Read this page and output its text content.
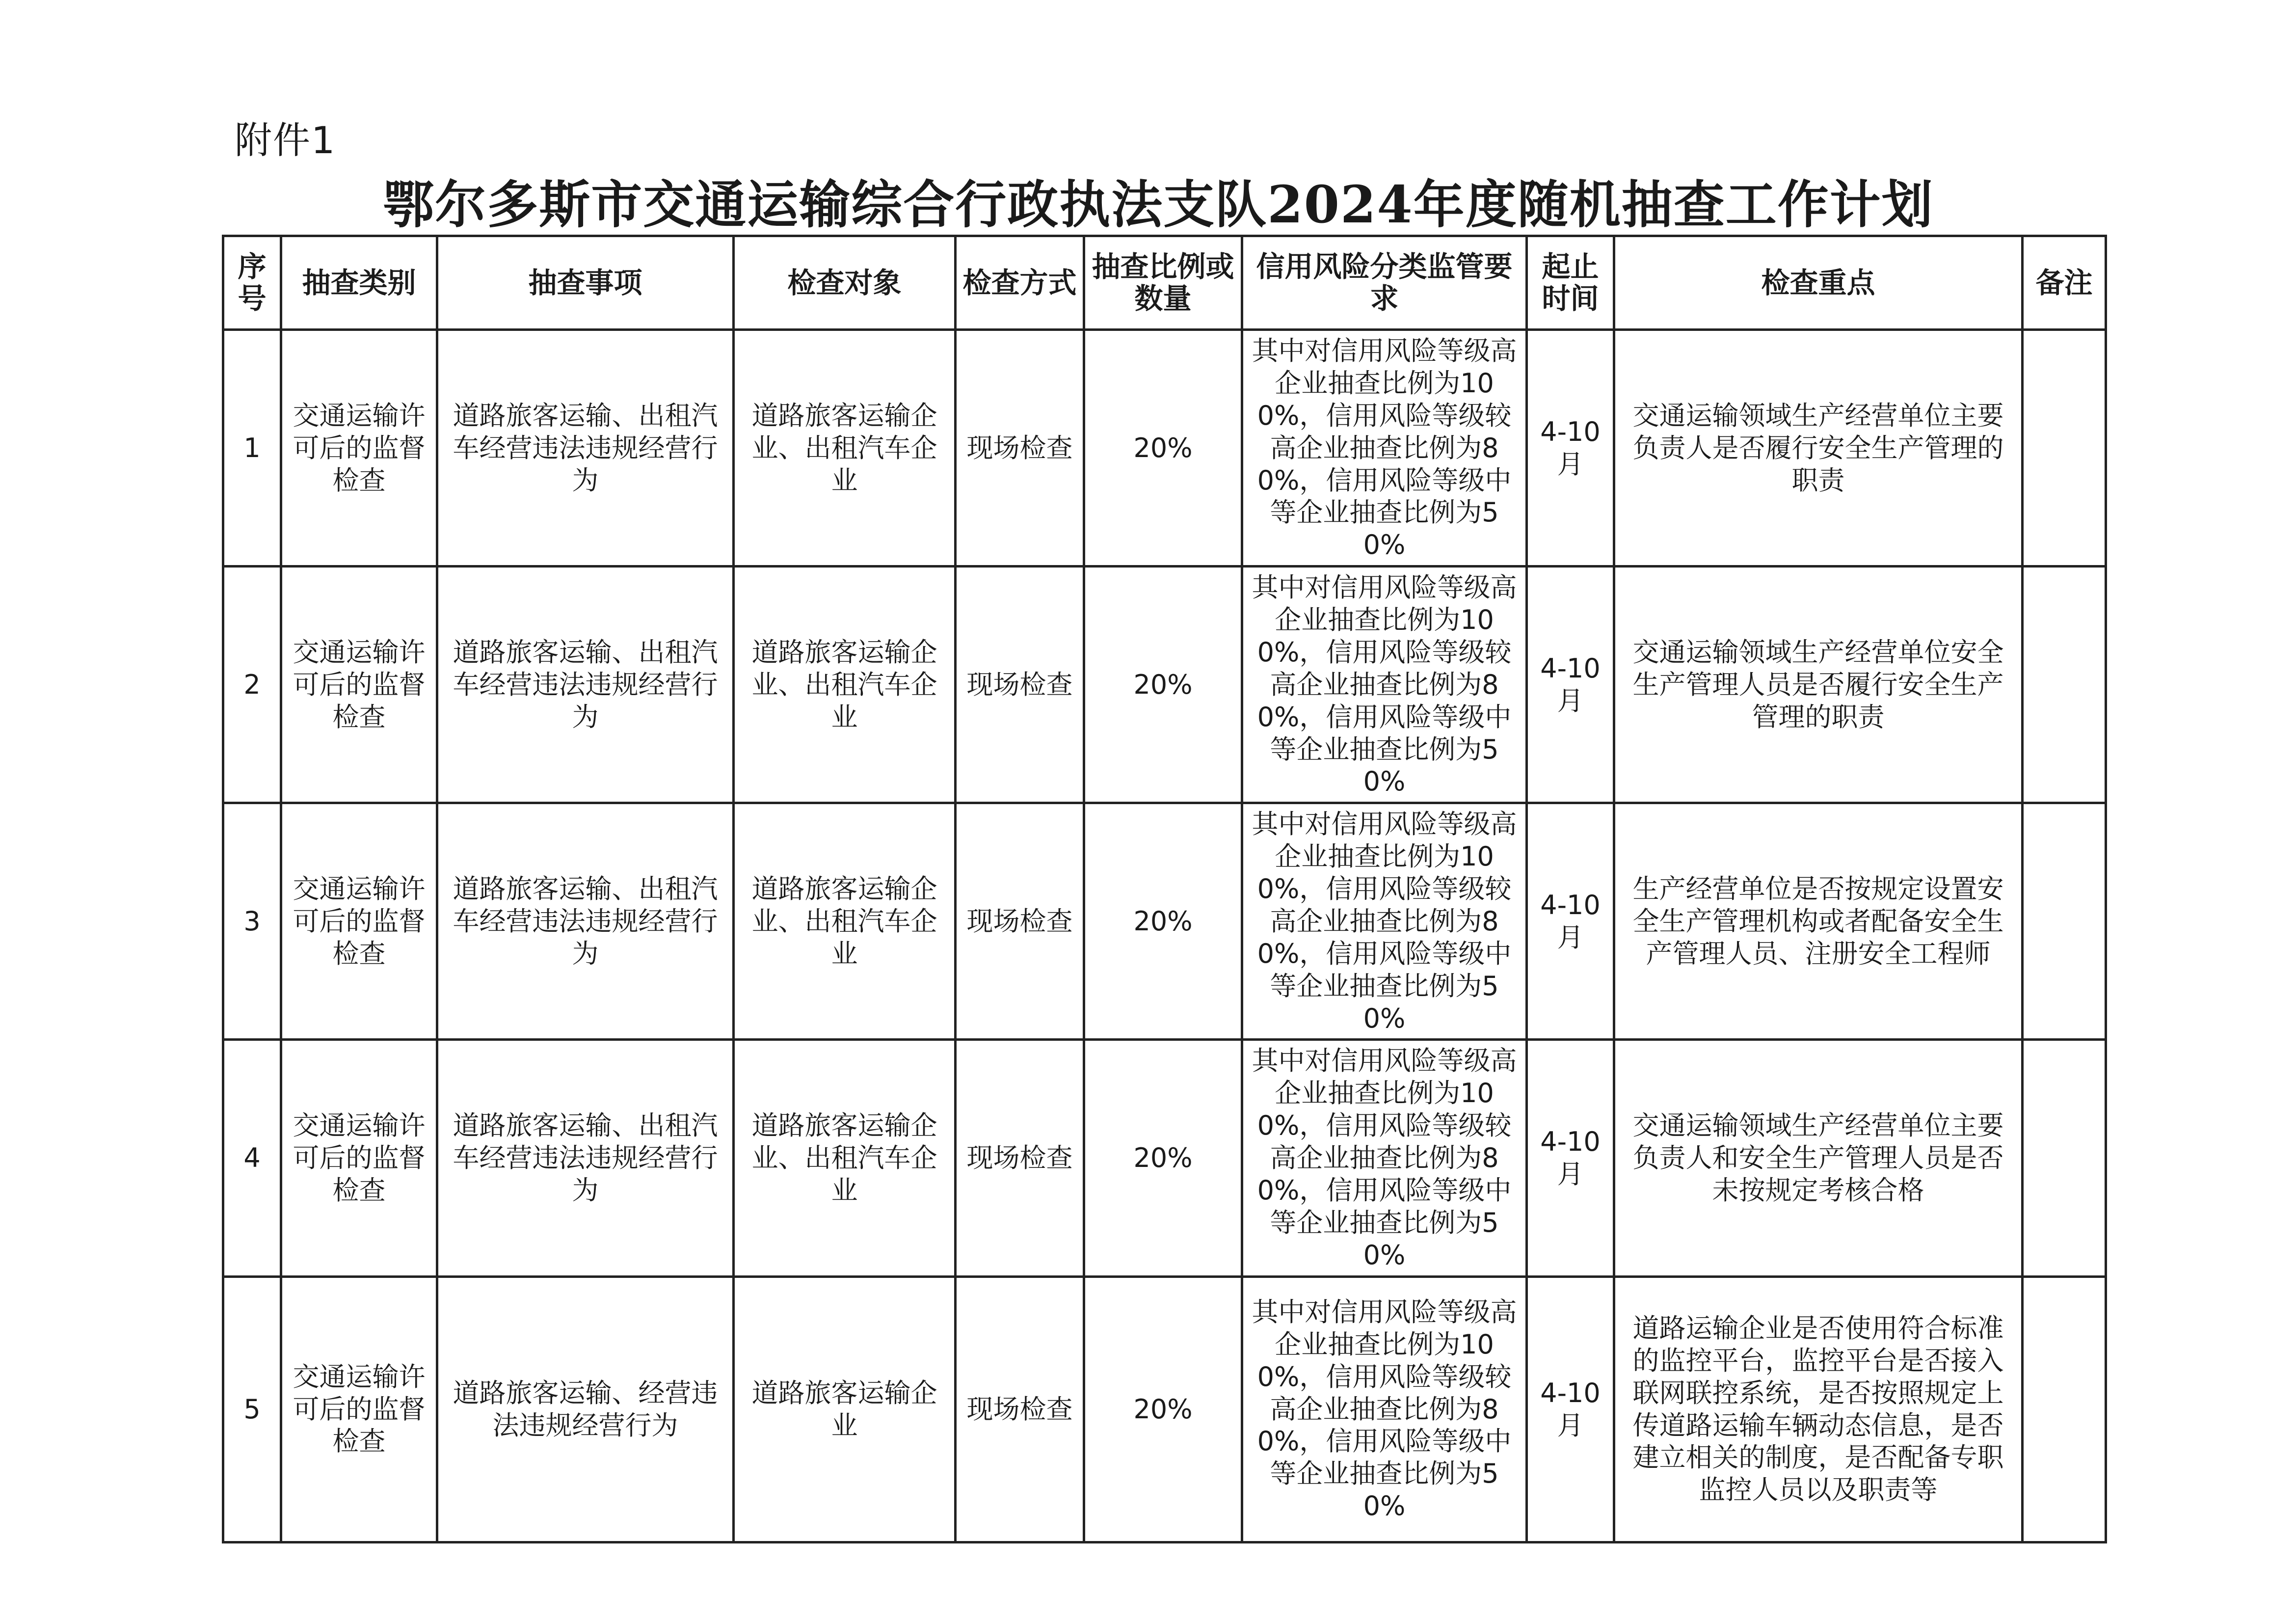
附件1
鄂尔多斯市交通运输综合行政执法支队2024年度随机抽查工作计划
序号	抽查类别	抽查事项	检查对象	检查方式	抽查比例或数量	信用风险分类监管要求	起止时间	检查重点	备注
1	交通运输许可后的监督检查	道路旅客运输、出租汽车经营违法违规经营行为	道路旅客运输企业、出租汽车企业	现场检查	20%	其中对信用风险等级高企业抽查比例为100%，信用风险等级较高企业抽查比例为80%，信用风险等级中等企业抽查比例为50%	4-10月	交通运输领域生产经营单位主要负责人是否履行安全生产管理的职责	
2	交通运输许可后的监督检查	道路旅客运输、出租汽车经营违法违规经营行为	道路旅客运输企业、出租汽车企业	现场检查	20%	其中对信用风险等级高企业抽查比例为100%，信用风险等级较高企业抽查比例为80%，信用风险等级中等企业抽查比例为50%	4-10月	交通运输领域生产经营单位安全生产管理人员是否履行安全生产管理的职责	
3	交通运输许可后的监督检查	道路旅客运输、出租汽车经营违法违规经营行为	道路旅客运输企业、出租汽车企业	现场检查	20%	其中对信用风险等级高企业抽查比例为100%，信用风险等级较高企业抽查比例为80%，信用风险等级中等企业抽查比例为50%	4-10月	生产经营单位是否按规定设置安全生产管理机构或者配备安全生产管理人员、注册安全工程师	
4	交通运输许可后的监督检查	道路旅客运输、出租汽车经营违法违规经营行为	道路旅客运输企业、出租汽车企业	现场检查	20%	其中对信用风险等级高企业抽查比例为100%，信用风险等级较高企业抽查比例为80%，信用风险等级中等企业抽查比例为50%	4-10月	交通运输领域生产经营单位主要负责人和安全生产管理人员是否未按规定考核合格	
5	交通运输许可后的监督检查	道路旅客运输、经营违法违规经营行为	道路旅客运输企业	现场检查	20%	其中对信用风险等级高企业抽查比例为100%，信用风险等级较高企业抽查比例为80%，信用风险等级中等企业抽查比例为50%	4-10月	道路运输企业是否使用符合标准的监控平台，监控平台是否接入联网联控系统，是否按照规定上传道路运输车辆动态信息，是否建立相关的制度，是否配备专职监控人员以及职责等	
